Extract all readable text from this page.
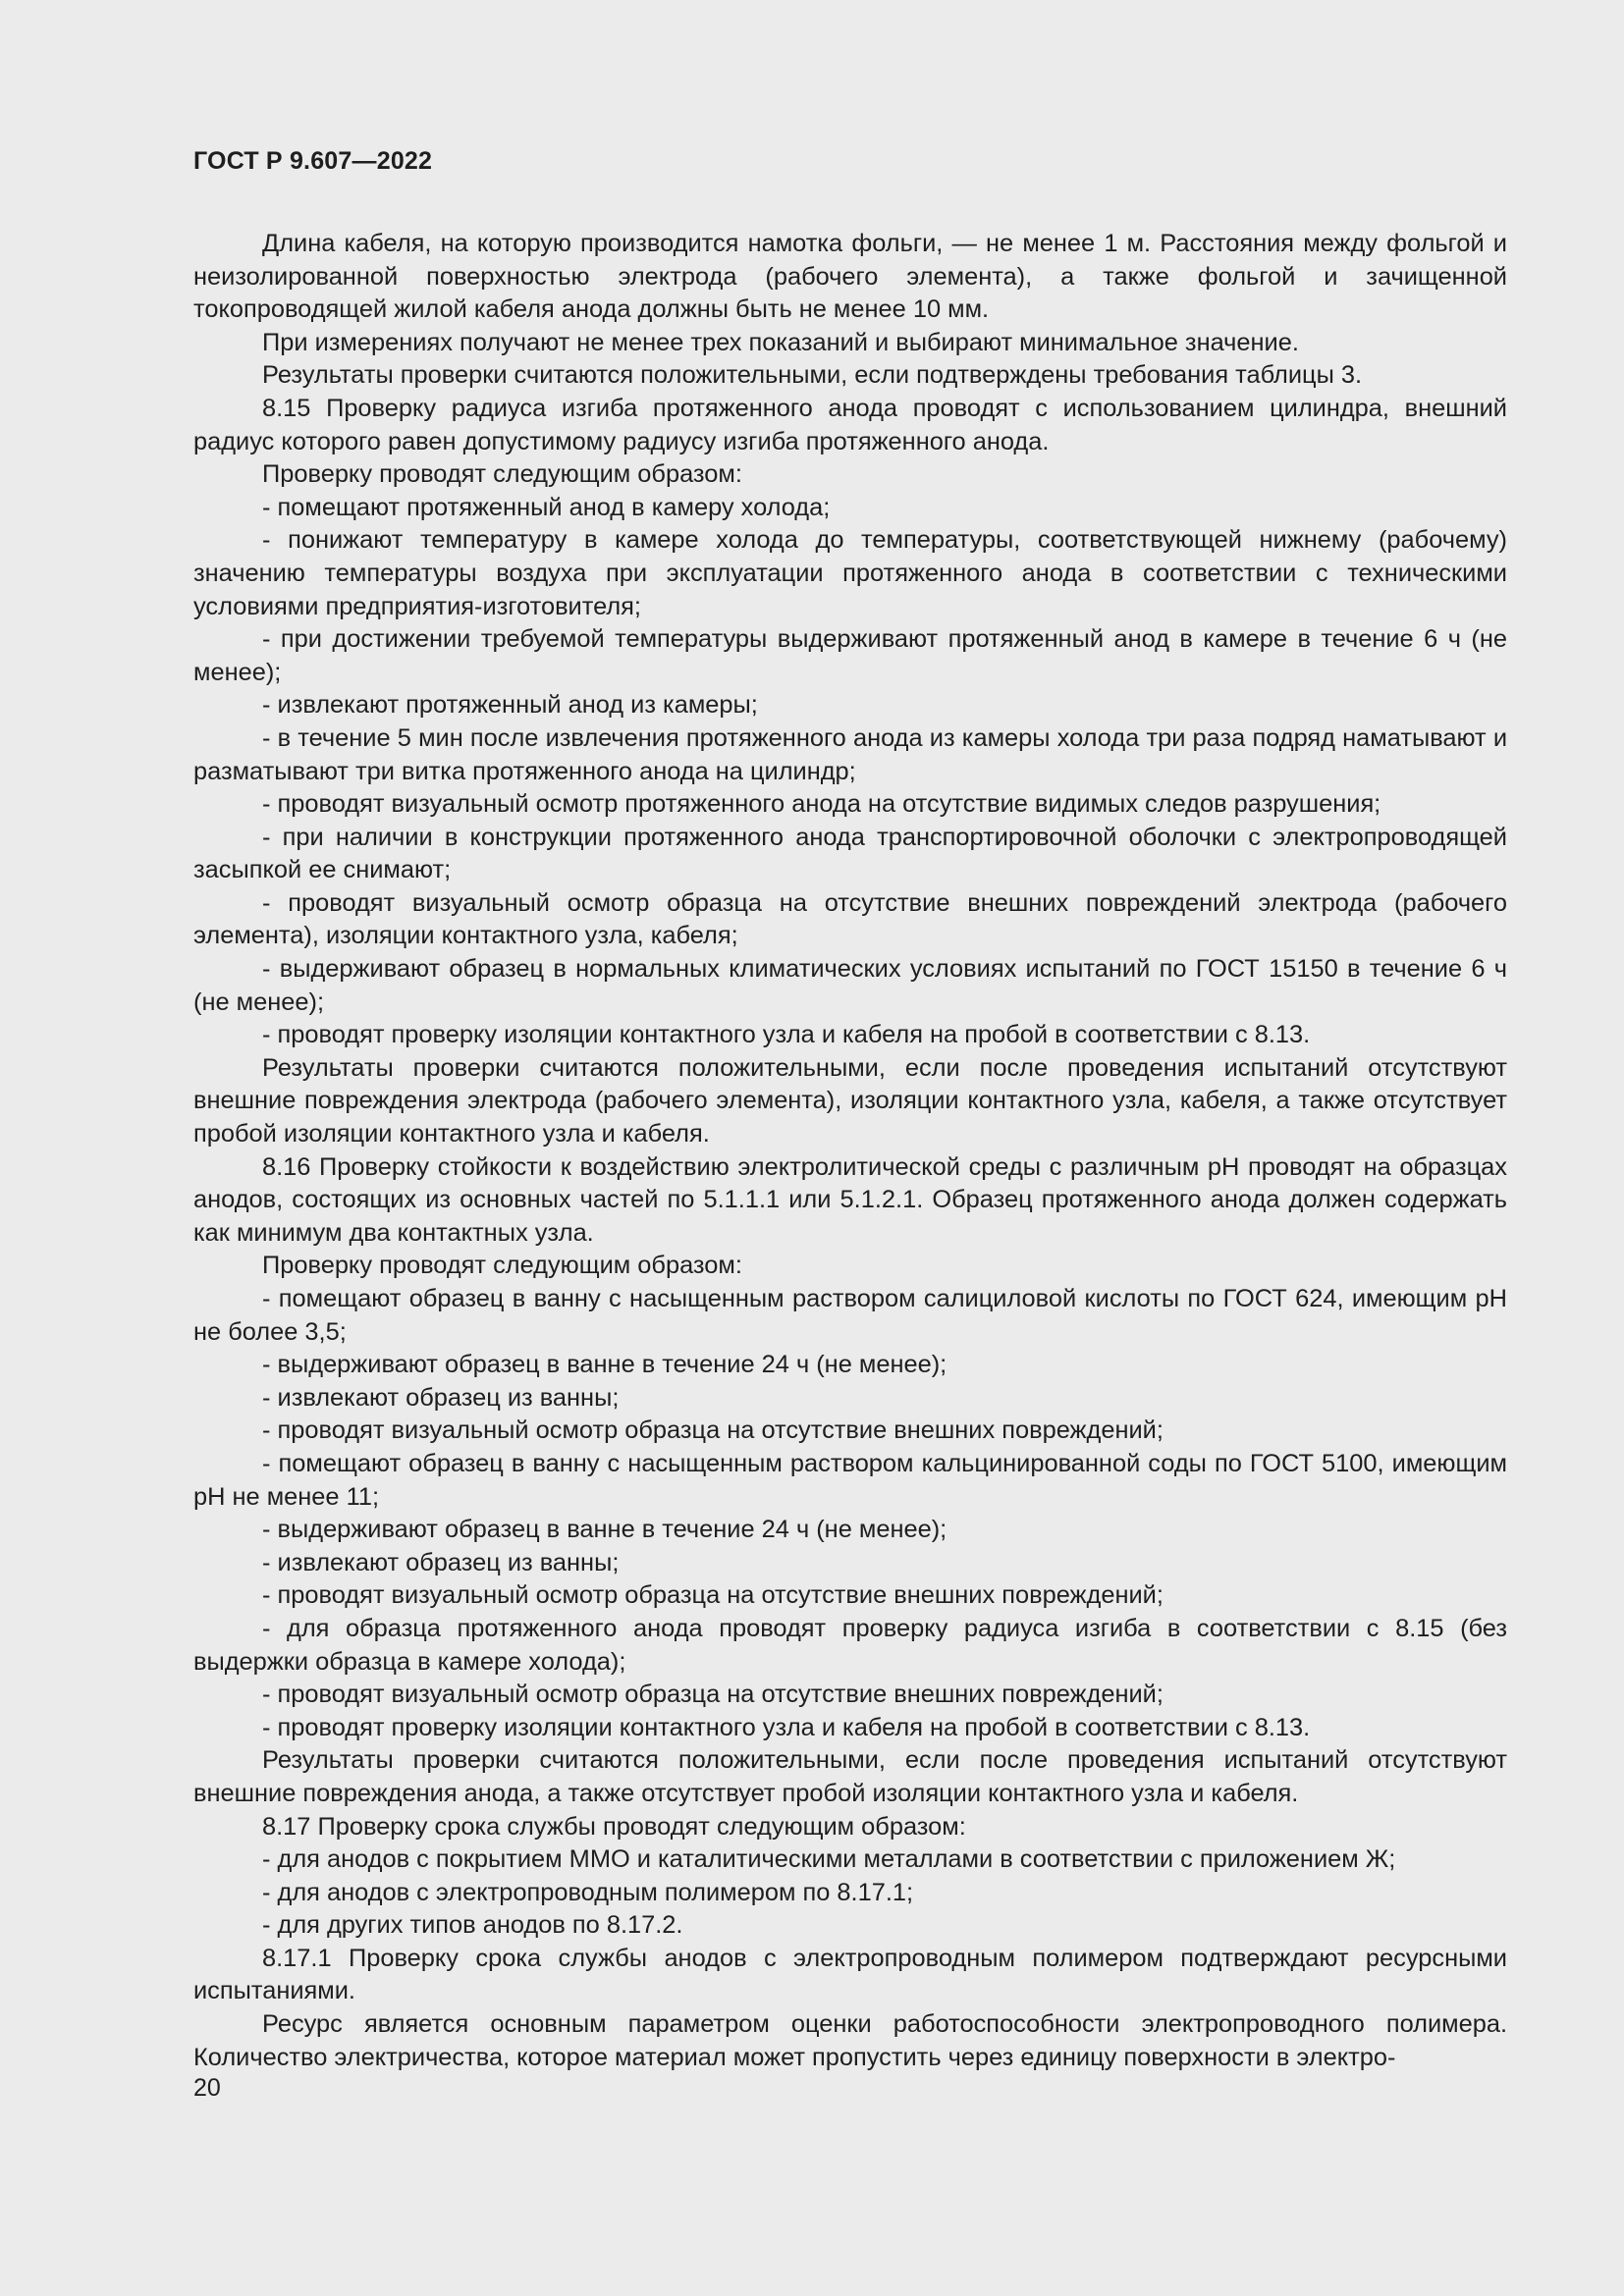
ГОСТ Р 9.607—2022

Длина кабеля, на которую производится намотка фольги, — не менее 1 м. Расстояния между фольгой и неизолированной поверхностью электрода (рабочего элемента), а также фольгой и зачищенной токопроводящей жилой кабеля анода должны быть не менее 10 мм.

При измерениях получают не менее трех показаний и выбирают минимальное значение.

Результаты проверки считаются положительными, если подтверждены требования таблицы 3.

8.15 Проверку радиуса изгиба протяженного анода проводят с использованием цилиндра, внешний радиус которого равен допустимому радиусу изгиба протяженного анода.

Проверку проводят следующим образом:

- помещают протяженный анод в камеру холода;

- понижают температуру в камере холода до температуры, соответствующей нижнему (рабочему) значению температуры воздуха при эксплуатации протяженного анода в соответствии с техническими условиями предприятия-изготовителя;

- при достижении требуемой температуры выдерживают протяженный анод в камере в течение 6 ч (не менее);

- извлекают протяженный анод из камеры;

- в течение 5 мин после извлечения протяженного анода из камеры холода три раза подряд наматывают и разматывают три витка протяженного анода на цилиндр;

- проводят визуальный осмотр протяженного анода на отсутствие видимых следов разрушения;

- при наличии в конструкции протяженного анода транспортировочной оболочки с электропроводящей засыпкой ее снимают;

- проводят визуальный осмотр образца на отсутствие внешних повреждений электрода (рабочего элемента), изоляции контактного узла, кабеля;

- выдерживают образец в нормальных климатических условиях испытаний по ГОСТ 15150 в течение 6 ч (не менее);

- проводят проверку изоляции контактного узла и кабеля на пробой в соответствии с 8.13.

Результаты проверки считаются положительными, если после проведения испытаний отсутствуют внешние повреждения электрода (рабочего элемента), изоляции контактного узла, кабеля, а также отсутствует пробой изоляции контактного узла и кабеля.

8.16 Проверку стойкости к воздействию электролитической среды с различным pH проводят на образцах анодов, состоящих из основных частей по 5.1.1.1 или 5.1.2.1. Образец протяженного анода должен содержать как минимум два контактных узла.

Проверку проводят следующим образом:

- помещают образец в ванну с насыщенным раствором салициловой кислоты по ГОСТ 624, имеющим pH не более 3,5;

- выдерживают образец в ванне в течение 24 ч (не менее);

- извлекают образец из ванны;

- проводят визуальный осмотр образца на отсутствие внешних повреждений;

- помещают образец в ванну с насыщенным раствором кальцинированной соды по ГОСТ 5100, имеющим pH не менее 11;

- выдерживают образец в ванне в течение 24 ч (не менее);

- извлекают образец из ванны;

- проводят визуальный осмотр образца на отсутствие внешних повреждений;

- для образца протяженного анода проводят проверку радиуса изгиба в соответствии с 8.15 (без выдержки образца в камере холода);

- проводят визуальный осмотр образца на отсутствие внешних повреждений;

- проводят проверку изоляции контактного узла и кабеля на пробой в соответствии с 8.13.

Результаты проверки считаются положительными, если после проведения испытаний отсутствуют внешние повреждения анода, а также отсутствует пробой изоляции контактного узла и кабеля.

8.17 Проверку срока службы проводят следующим образом:

- для анодов с покрытием ММО и каталитическими металлами в соответствии с приложением Ж;

- для анодов с электропроводным полимером по 8.17.1;

- для других типов анодов по 8.17.2.

8.17.1 Проверку срока службы анодов с электропроводным полимером подтверждают ресурсными испытаниями.

Ресурс является основным параметром оценки работоспособности электропроводного полимера. Количество электричества, которое материал может пропустить через единицу поверхности в электро-

20
